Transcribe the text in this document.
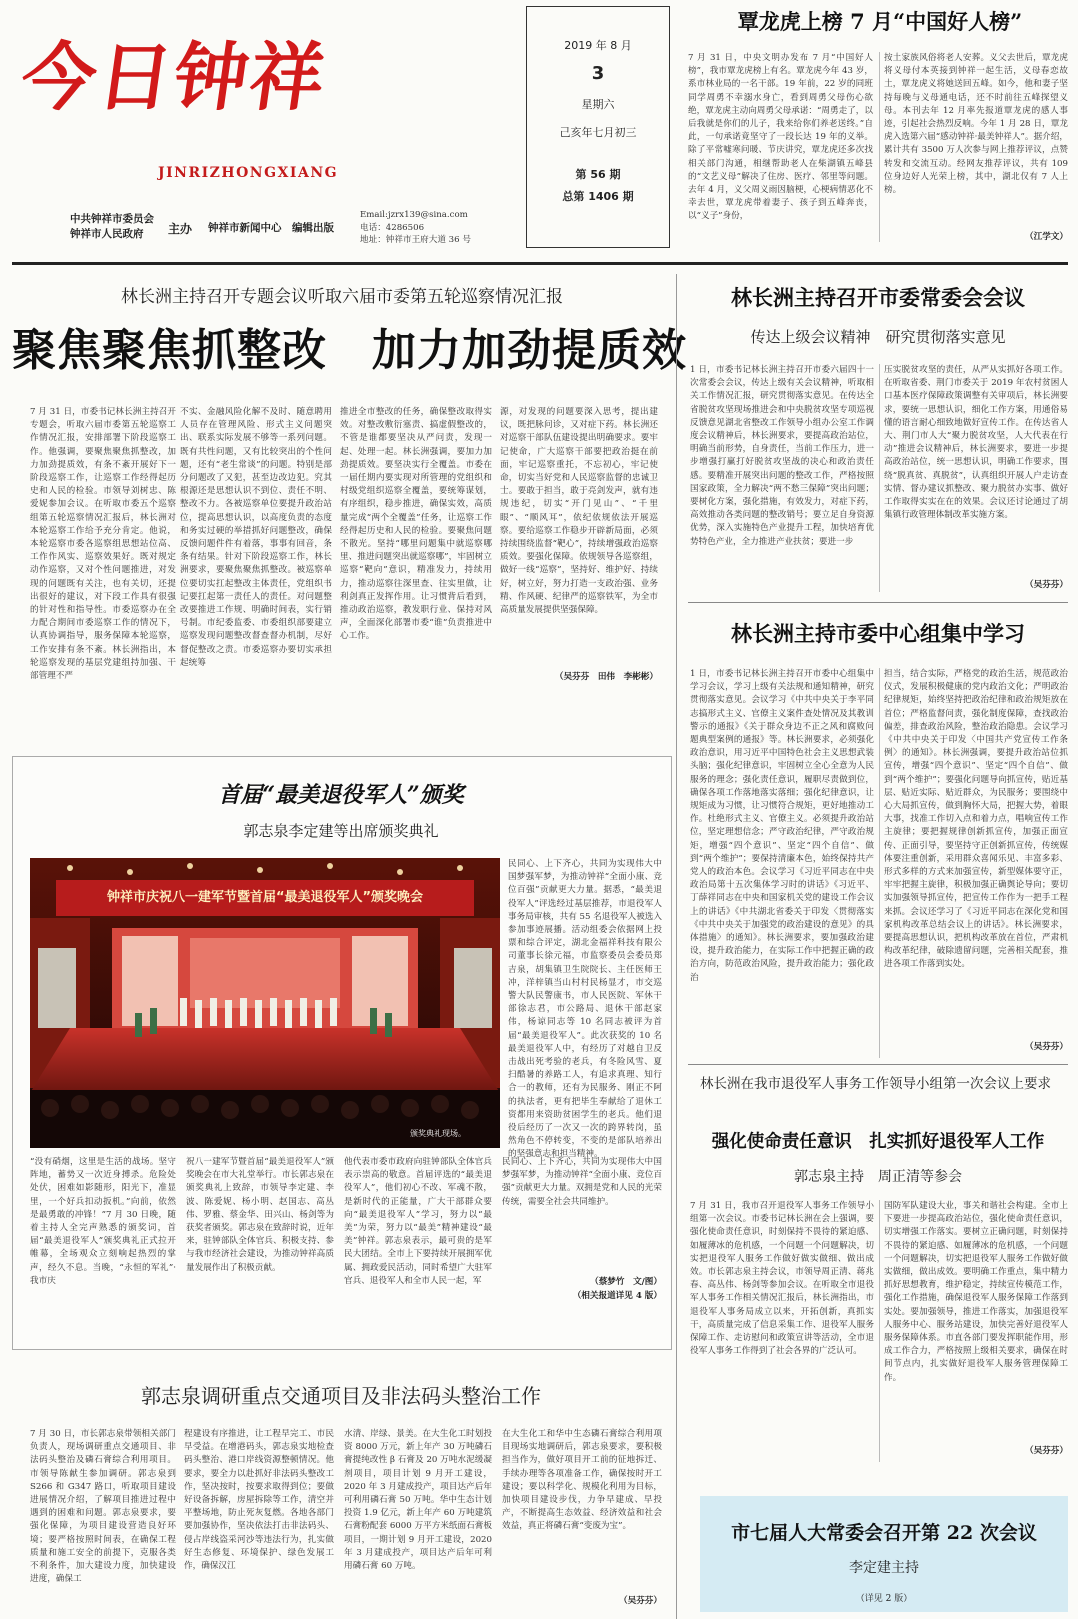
今日钟祥
JINRIZHONGXIANG
中共钟祥市委员会
钟祥市人民政府	主办 钟祥市新闻中心　编辑出版
Email:jzrx139@sina.com
电话：4286506
地址：钟祥市王府大道 36 号
2019 年 8 月
3
星期六
己亥年七月初三
第 56 期
总第 1406 期
覃龙虎上榜 7 月“中国好人榜”
7 月 31 日，中央文明办发布 7 月“中国好人榜”，我市覃龙虎榜上有名。覃龙虎今年 43 岁，系市林业局的一名干部。19 年前，22 岁的同班同学周勇不幸溺水身亡，看到周勇父母伤心欲绝，覃龙虎主动向周勇父母承诺：“周勇走了，以后我就是你们的儿子，我来给你们养老送终。”自此，一句承诺竟坚守了一段长达 19 年的义举。除了平常嘘寒问暖、节庆讲究，覃龙虎还多次找相关部门沟通，相继帮助老人在柴湖镇五峰县的“文艺义母”解决了住房、医疗、邻里等问题。去年 4 月，义父周义雨因脑梗，心梗病情恶化不幸去世，覃龙虎带着妻子、孩子到五峰奔丧，以“义子”身份，
按土家族风俗将老人安葬。义父去世后，覃龙虎将义母付本英接到钟祥一起生活，义母春恋故土，覃龙虎义将她送回五峰。如今，他和妻子坚持每晚与义母通电话，还不时前往五峰探望义母。本刊去年 12 月率先报道覃龙虎的感人事迹，引起社会热烈反响。今年 1 月 28 日，覃龙虎入选第六届“感动钟祥·最美钟祥人”。据介绍，累计共有 3500 万人次参与网上推荐评议，点赞转发和交流互动。经网友推荐评议，共有 109 位身边好人光荣上榜，其中，湖北仅有 7 人上榜。
（江学文）
林长洲主持召开专题会议听取六届市委第五轮巡察情况汇报
聚焦聚焦抓整改　加力加劲提质效
7 月 31 日，市委书记林长洲主持召开专题会，听取六届市委第五轮巡察工作情况汇报，安排部署下阶段巡察工作。他强调，要聚焦聚焦抓整改，加力加劲提质效，有条不紊开展好下一阶段巡察工作，让巡察工作经得起历史和人民的检验。市领导刘树忠、陈爱妮参加会议。在听取市委五个巡察组第五轮巡察情况汇报后，林长洲对本轮巡察工作给予充分肯定。他说，本轮巡察市委各巡察组思想站位高、工作作风实、巡察效果好。既对规定动作巡察，又对个性问题推进，对发现的问题既有关注，也有关切，还提出很好的建议，对下段工作具有很强的针对性和指导性。市委巡察办在全力配合期间市委巡察工作的情况下，认真协调指导，服务保障本轮巡察，工作安排有条不紊。林长洲指出，本轮巡察发现的基层党建组持加强、干部管理不严
不实、金融风险化解不及时、随意聘用人员存在管理风险、形式主义问题突出、联系实际发展不够等一系列问题。既有共性问题，又有比较突出的个性问题，还有“老生常谈”的问题。特别是部分问题改了又犯，甚至边改边犯。究其根源还是思想认识不到位、责任不明、整改不力。各被巡察单位要提升政治站位，提高思想认识，以高度负责的态度和务实过硬的举措抓好问题整改，确保反馈问题件件有着落，事事有回音，条条有结果。针对下阶段巡察工作，林长洲要求，要聚焦聚焦抓整改。被巡察单位要切实扛起整改主体责任，党组织书记要扛起第一责任人的责任。对问题整改要推进工作规、明确时间表，实行销号制。市纪委监委、市委组织部要建立巡察发现问题整改督查督办机制，尽好督促整改之责。市委巡察办要切实承担起统筹
推进全市整改的任务，确保整改取得实效。对整改敷衍塞责、搞虚假整改的，不管是谁都要坚决从严问责，发现一起、处理一起。林长洲强调，要加力加劲提质效。要坚决实行全覆盖。市委在一届任期内要实现对所管理的党组织和村级党组织巡察全覆盖，要统筹谋划，有序组织，稳步推进，确保实效，高质量完成“两个全覆盖”任务，让巡察工作经得起历史和人民的检验。要聚焦问题不散光。坚持“哪里问题集中就巡察哪里、推进问题突出就巡察哪”，牢固树立巡察“靶向”意识，精准发力，持续用力，推动巡察往深里查、往实里做，让利剑真正发挥作用。让习惯背后看到，推动政治巡察，教发职行业、保持对风声，全面深化部署市委“谁”负责推进中心工作。
源，对发现的问题要深入思考，提出建议，既把脉问诊，又对症下药。林长洲还对巡察干部队伍建设提出明确要求。要牢记使命，广大巡察干部要把政治挺在前面，牢记巡察重托，不忘初心，牢记使命，切实当好党和人民巡察监督的忠诚卫士。要敢于担当，敢于亮剑发声，就有违规违纪，切实“开门见山”、“千里眼”、“顺风耳”，依纪依规依法开展巡察。要给巡察工作稳步开辟新局面，必须持续围绕监督“靶心”，持续增强政治巡察质效。要强化保障。依规领导各巡察组，做好一线“巡察”，坚持好、维护好、持续好，树立好，努力打造一支政治强、业务精、作风硬、纪律严的巡察铁军，为全市高质量发展提供坚强保障。
（吴芬芬　田伟　李彬彬）
林长洲主持召开市委常委会会议
传达上级会议精神　研究贯彻落实意见
1 日，市委书记林长洲主持召开市委六届四十一次常委会会议，传达上级有关会议精神，听取相关工作情况汇报，研究贯彻落实意见。在传达全省脱贫攻坚现场推进会和中央脱贫攻坚专项巡视反馈意见湖北省整改工作领导小组办公室工作调度会议精神后，林长洲要求，要提高政治站位，明确当前形势，自身责任，当前工作压力，进一步增强打赢打好脱贫攻坚战的决心和政治责任感。要精准开展突出问题的整改工作，严格按照国家政策，全力解决“两不愁三保障”突出问题；要树化方案，强化措施，有效发力，对症下药，高效推动各类问题的整改销号；要立足自身资源优势，深入实施特色产业提升工程，加快培育优势特色产业，全力推进产业扶贫；要进一步
压实脱贫攻坚的责任，从严从实抓好各项工作。在听取省委、荆门市委关于 2019 年农村贫困人口基本医疗保障政策调整有关审项后，林长洲要求，要统一思想认识，细化工作方案，用通俗易懂的语言耐心细致地做好宣传工作。在传达省人大、荆门市人大“聚力脱贫攻坚，人大代表在行动”推进会议精神后，林长洲要求，要进一步提高政治站位，统一思想认识，明确工作要求，围绕“脱真贫、真脱贫”，认真组织开展人户走访查实情、督办建议抓整改、聚力脱贫办实事、做好工作取得实实在在的效果。会议还讨论通过了胡集镇行政管理体制改革实施方案。
（吴芬芬）
林长洲主持市委中心组集中学习
1 日，市委书记林长洲主持召开市委中心组集中学习会议，学习上级有关法规和通知精神，研究贯彻落实意见。会议学习《中共中央关于李平同志搞形式主义、官僚主义案件查处情况及其教训警示的通报》《关于群众身边不正之风和腐败问题典型案例的通报》等。林长洲要求，必须强化政治意识，用习近平中国特色社会主义思想武装头脑；强化纪律意识，牢固树立全心全意为人民服务的理念；强化责任意识，履职尽责做到位，确保各项工作落地落实落细；强化纪律意识，让规矩成为习惯，让习惯符合规矩，更好地推动工作。杜绝形式主义、官僚主义。必须提升政治站位，坚定理想信念；严守政治纪律，严守政治规矩，增强“四个意识”、坚定“四个自信”、做到“两个维护”；要保持清廉本色，始终保持共产党人的政治本色。会议学习《习近平同志在中央政治局第十五次集体学习时的讲话》《习近平、丁薛祥同志在中央和国家机关党的建设工作会议上的讲话》《中共湖北省委关于印发〈贯彻落实《中共中央关于加强党的政治建设的意见》的具体措施〉的通知》。林长洲要求，要加强政治建设，提升政治能力，在实际工作中把握正确的政治方向，防范政治风险，提升政治能力；强化政治
担当，结合实际，严格党的政治生活，规范政治仪式，发展积极健康的党内政治文化；严明政治纪律规矩，始终坚持把政治纪律和政治规矩放在首位；严格监督问责，强化制度保障，查找政治偏差，排查政治风险，整治政治隐患。会议学习《中共中央关于印发〈中国共产党宣传工作条例〉的通知》。林长洲强调，要提升政治站位抓宣传，增强“四个意识”、坚定“四个自信”、做到“两个维护”；要强化问题导向抓宣传，贴近基层、贴近实际、贴近群众，为民服务；要围绕中心大局抓宣传，做到胸怀大局，把握大势，着眼大事，找准工作切入点和着力点，唱响宣传工作主旋律；要把握规律创新抓宣传，加强正面宣传、正面引导，要坚持守正创新抓宣传，传统媒体要注重创新，采用群众喜闻乐见、丰富多彩、形式多样的方式来加强宣传，新型媒体要守正，牢牢把握主旋律，积极加强正确舆论导向；要切实加强领导抓宣传，把宣传工作作为一把手工程来抓。会议还学习了《习近平同志在深化党和国家机构改革总结会议上的讲话》。林长洲要求，要提高思想认识，把机构改革放在首位，严肃机构改革纪律，破除遗留问题，完善相关配套，推进各项工作落到实处。
（吴芬芬）
林长洲在我市退役军人事务工作领导小组第一次会议上要求
强化使命责任意识　扎实抓好退役军人工作
郭志泉主持　周正清等参会
7 月 31 日，我市召开退役军人事务工作领导小组第一次会议。市委书记林长洲在会上强调，要强化使命责任意识，时刻保持不畏待的紧迫感、如履薄冰的危机感，一个问题一个问题解决，切实把退役军人服务工作做好做实做细、做出成效。市长郭志泉主持会议，市领导周正清、蒋兆春、高丛伟、杨剑等参加会议。在听取全市退役军人事务工作相关情况汇报后，林长洲指出，市退役军人事务局成立以来，开拓创新，真抓实干，高质量完成了信息采集工作、退役军人服务保障工作、走访慰问和政策宣讲等活动，全市退役军人事务工作得到了社会各界的广泛认可。
国防军队建设大业，事关和谐社会构建。全市上下要进一步提高政治站位，强化使命责任意识，切实增强工作落实。要树立正确问题，时刻保持不畏待的紧迫感、如履薄冰的危机感，一个问题一个问题解决，切实把退役军人服务工作做好做实做细，做出成效。要明确工作重点，集中精力抓好思想教育，维护稳定，持续宣传模范工作，强化工作措施，确保退役军人服务保障工作落到实处。要加强领导，推进工作落实，加强退役军人服务中心、服务站建设，加快完善好退役军人服务保障体系。市直各部门要发挥职能作用，形成工作合力，严格按照上级相关要求，确保在时间节点内，扎实做好退役军人服务管理保障工作。
（吴芬芬）
市七届人大常委会召开第 22 次会议
李定建主持
（详见 2 版）
首届“最美退役军人”颁奖
郭志泉李定建等出席颁奖典礼
钟祥市庆祝八一建军节暨首届“最美退役军人”颁奖晚会
颁奖典礼现场。
民同心、上下齐心，共同为实现伟大中国梦强军梦，为推动钟祥“全面小康、竞位百强”贡献更大力量。据悉，“最美退役军人”评选经过基层推荐，市退役军人事务局审核，共有 55 名退役军人被选入参加事迹展播。活动组委会依据网上投票和综合评定，湖北金福祥科技有限公司董事长徐元福，市监察委员会委员郑吉泉，胡集镇卫生院院长、主任医师王冲，洋梓镇当山村村民杨显才，市交巡警大队民警康书，市人民医院、军休干部徐志君，市公路局、退休干部赵家伟，杨谅同志等 10 名同志被评为首届“最美退役军人”。此次获奖的 10 名最美退役军人中，有经历了对越自卫反击战出死考验的老兵，有冬险风雪、夏扫酷暑的养路工人，有追求真理、知行合一的教师，还有为民服务、刚正不阿的执法者，更有把毕生奉献给了退休工资都用来资助贫困学生的老兵。他们退役后经历了一次又一次的跨界转岗，虽然角色不停转变，不变的是部队培养出的坚强意志和担当精神。
“没有硝烟，这里是生活的战场。坚守阵地，蓄势又一次近身搏杀。危险处处伏，困难如影随形，阳光下，准显里，一个好兵扣动扳机。”向前，依然是最勇敢的冲锋！”7 月 30 日晚，随着主持人全完声熟悉的颁奖词，首届“最美退役军人”颁奖典礼正式拉开帷幕，全场观众立刻响起热烈的掌声，经久不息。当晚，“永恒的军礼”·我市庆
祝八一建军节暨首届“最美退役军人”颁奖晚会在市大礼堂举行。市长郭志泉在颁奖典礼上致辞，市领导李定建、李波、陈爱妮、杨小明、赵国志、高丛伟、罗雅、蔡金华、田兴山、杨剑等为获奖者颁奖。郭志泉在致辞时说，近年来，驻钟部队全体官兵、积极支持、参与我市经济社会建设，为推动钟祥高质量发展作出了积极贡献。
他代表市委市政府向驻钟部队全体官兵表示崇高的敬意。首届评选的“最美退役军人”，他们初心不改、军魂不散，是新时代的正能量，广大干部群众要向“最美退役军人”学习，努力以“最美”为荣，努力以“最美”精神建设“最美”钟祥。郭志泉表示，最可贵的是军民大团结。全市上下要持续开展拥军优属、拥政爱民活动，同时希望广大驻军官兵、退役军人和全市人民一起，军
民同心、上下齐心，共同为实现伟大中国梦强军梦，为推动钟祥“全面小康、竞位百强”贡献更大力量。双拥是党和人民的光荣传统，需要全社会共同维护。
（蔡梦竹　文/图）
（相关报道详见 4 版）
郭志泉调研重点交通项目及非法码头整治工作
7 月 30 日，市长郭志泉带领相关部门负责人，现场调研重点交通项目、非法码头整治及磷石膏综合利用项目。市领导陈献生参加调研。郭志泉到 S266 和 G347 路口，听取项目建设进展情况介绍，了解项目推进过程中遇到的困难和问题。郭志泉要求，要强化保障，为项目建设营造良好环境；要严格按照时间表，在确保工程质量和施工安全的前提下，克服各类不利条件，加大建设力度，加快建设进度，确保工
程建设有序推进，让工程早完工、市民早受益。在增港码头，郭志泉实地检查码头整治、港口岸线资源整顿情况。他要求，要全力以赴抓好非法码头整改工作，坚决按时，按要求取得到位；要做好设备拆解，房屋拆除等工作，清空并平整场地，防止死灰复燃。各地各部门要加强协作，坚决依法打击非法码头、侵占岸线盗采河沙等违法行为，扎实做好生态修复、环境保护、绿色发展工作，确保汉江
水清、岸绿、景美。在大生化工时划投资 8000 万元，新上年产 30 万吨磷石膏提纯改性 β 石膏及 20 万吨水泥缓凝剂项目，项目计划 9 月开工建设，2020 年 3 月建成投产，项目达产后年可利用磷石膏 50 万吨。华中生态计划投资 1.9 亿元，新上年产 60 万吨建筑石膏粉配套 6000 万平方米纸面石膏板项目，一期计划 9 月开工建设，2020 年 3 月建成投产，项目达产后年可利用磷石膏 60 万吨。
在大生化工和华中生态磷石膏综合利用项目现场实地调研后，郭志泉要求，要积极担当作为，做好项目开工前的征地拆迁、手续办理等各项准备工作，确保按时开工建设；要以科学化、规模化利用为目标，加快项目建设步伐，力争早建成、早投产，不断提高生态效益、经济效益和社会效益，真正将磷石膏“变废为宝”。
（吴芬芬）
